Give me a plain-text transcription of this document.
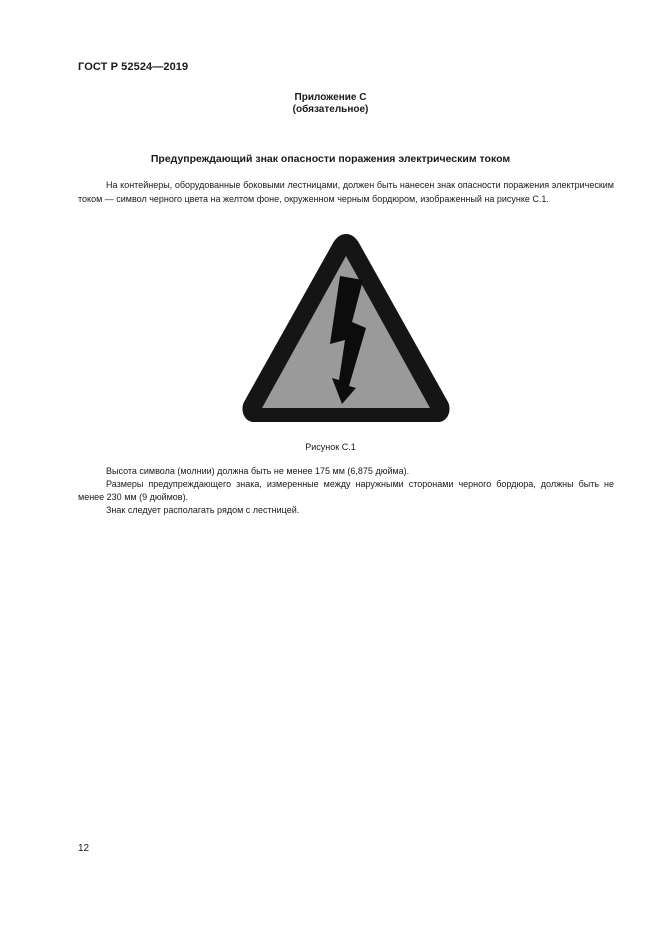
ГОСТ Р 52524—2019
Приложение С
(обязательное)
Предупреждающий знак опасности поражения электрическим током
На контейнеры, оборудованные боковыми лестницами, должен быть нанесен знак опасности поражения электрическим током — символ черного цвета на желтом фоне, окруженном черным бордюром, изображенный на рисунке С.1.
Рисунок С.1

Высота символа (молнии) должна быть не менее 175 мм (6,875 дюйма).

Размеры предупреждающего знака, измеренные между наружными сторонами черного бордюра, должны быть не менее 230 мм (9 дюймов).

Знак следует располагать рядом с лестницей.

12
